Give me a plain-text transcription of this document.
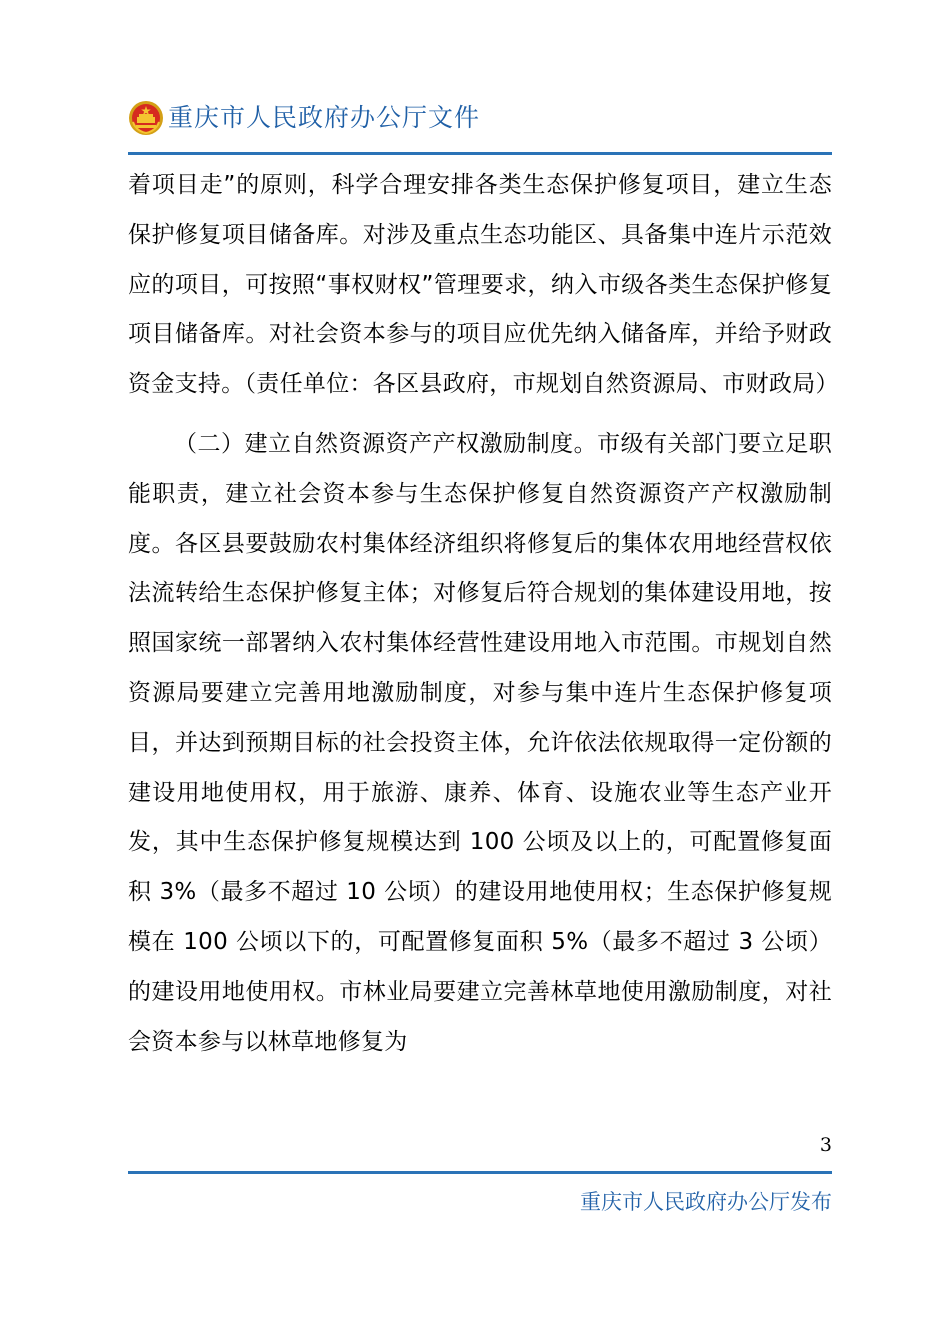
重庆市人民政府办公厅文件

着项目走”的原则，科学合理安排各类生态保护修复项目，建立生态保护修复项目储备库。对涉及重点生态功能区、具备集中连片示范效应的项目，可按照“事权财权”管理要求，纳入市级各类生态保护修复项目储备库。对社会资本参与的项目应优先纳入储备库，并给予财政资金支持。（责任单位：各区县政府，市规划自然资源局、市财政局）

（二）建立自然资源资产产权激励制度。市级有关部门要立足职能职责，建立社会资本参与生态保护修复自然资源资产产权激励制度。各区县要鼓励农村集体经济组织将修复后的集体农用地经营权依法流转给生态保护修复主体；对修复后符合规划的集体建设用地，按照国家统一部署纳入农村集体经营性建设用地入市范围。市规划自然资源局要建立完善用地激励制度，对参与集中连片生态保护修复项目，并达到预期目标的社会投资主体，允许依法依规取得一定份额的建设用地使用权，用于旅游、康养、体育、设施农业等生态产业开发，其中生态保护修复规模达到 100 公顷及以上的，可配置修复面积 3%（最多不超过 10 公顷）的建设用地使用权；生态保护修复规模在 100 公顷以下的，可配置修复面积 5%（最多不超过 3 公顷）的建设用地使用权。市林业局要建立完善林草地使用激励制度，对社会资本参与以林草地修复为

3
重庆市人民政府办公厅发布
